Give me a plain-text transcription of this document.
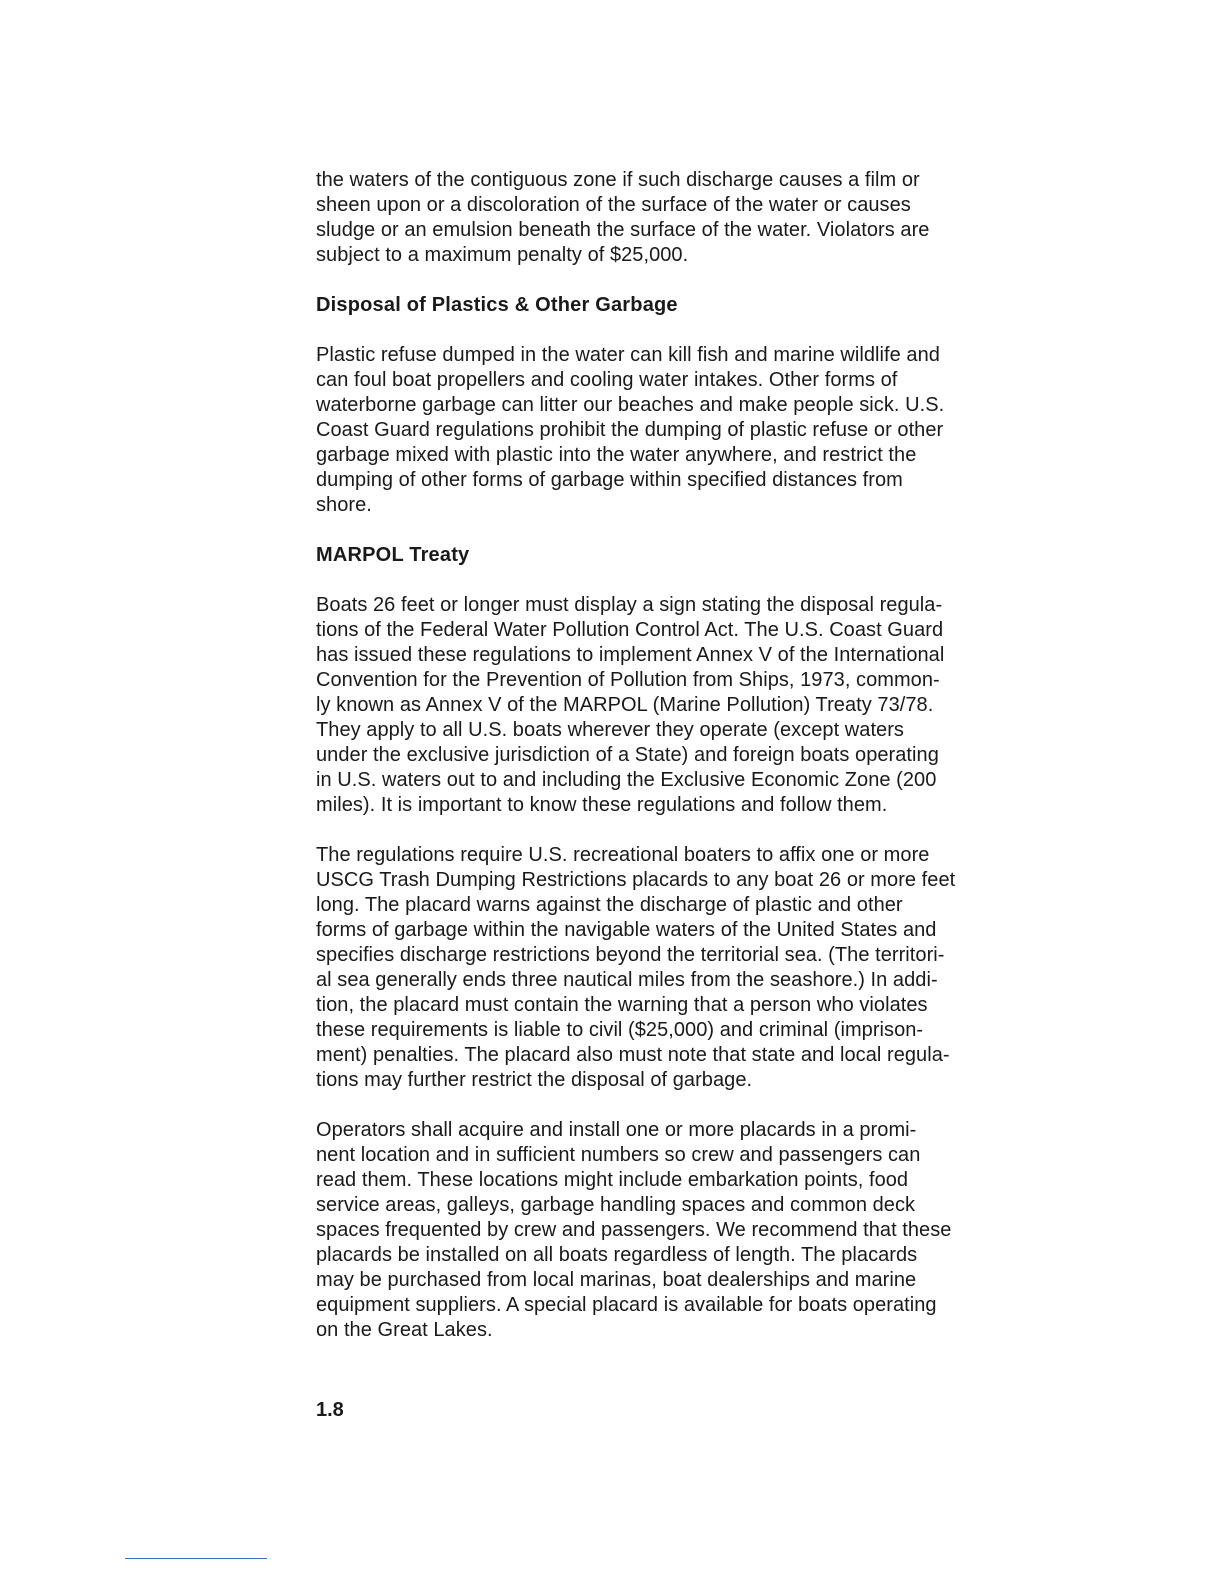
the waters of the contiguous zone if such discharge causes a film or
sheen upon or a discoloration of the surface of the water or causes
sludge or an emulsion beneath the surface of the water. Violators are
subject to a maximum penalty of $25,000.
Disposal of Plastics & Other Garbage
Plastic refuse dumped in the water can kill fish and marine wildlife and
can foul boat propellers and cooling water intakes. Other forms of
waterborne garbage can litter our beaches and make people sick. U.S.
Coast Guard regulations prohibit the dumping of plastic refuse or other
garbage mixed with plastic into the water anywhere, and restrict the
dumping of other forms of garbage within specified distances from
shore.
MARPOL Treaty
Boats 26 feet or longer must display a sign stating the disposal regula-
tions of the Federal Water Pollution Control Act. The U.S. Coast Guard
has issued these regulations to implement Annex V of the International
Convention for the Prevention of Pollution from Ships, 1973, common-
ly known as Annex V of the MARPOL (Marine Pollution) Treaty 73/78.
They apply to all U.S. boats wherever they operate (except waters
under the exclusive jurisdiction of a State) and foreign boats operating
in U.S. waters out to and including the Exclusive Economic Zone (200
miles). It is important to know these regulations and follow them.
The regulations require U.S. recreational boaters to affix one or more
USCG Trash Dumping Restrictions placards to any boat 26 or more feet
long. The placard warns against the discharge of plastic and other
forms of garbage within the navigable waters of the United States and
specifies discharge restrictions beyond the territorial sea. (The territori-
al sea generally ends three nautical miles from the seashore.) In addi-
tion, the placard must contain the warning that a person who violates
these requirements is liable to civil ($25,000) and criminal (imprison-
ment) penalties. The placard also must note that state and local regula-
tions may further restrict the disposal of garbage.
Operators shall acquire and install one or more placards in a promi-
nent location and in sufficient numbers so crew and passengers can
read them. These locations might include embarkation points, food
service areas, galleys, garbage handling spaces and common deck
spaces frequented by crew and passengers. We recommend that these
placards be installed on all boats regardless of length. The placards
may be purchased from local marinas, boat dealerships and marine
equipment suppliers. A special placard is available for boats operating
on the Great Lakes.
1.8
